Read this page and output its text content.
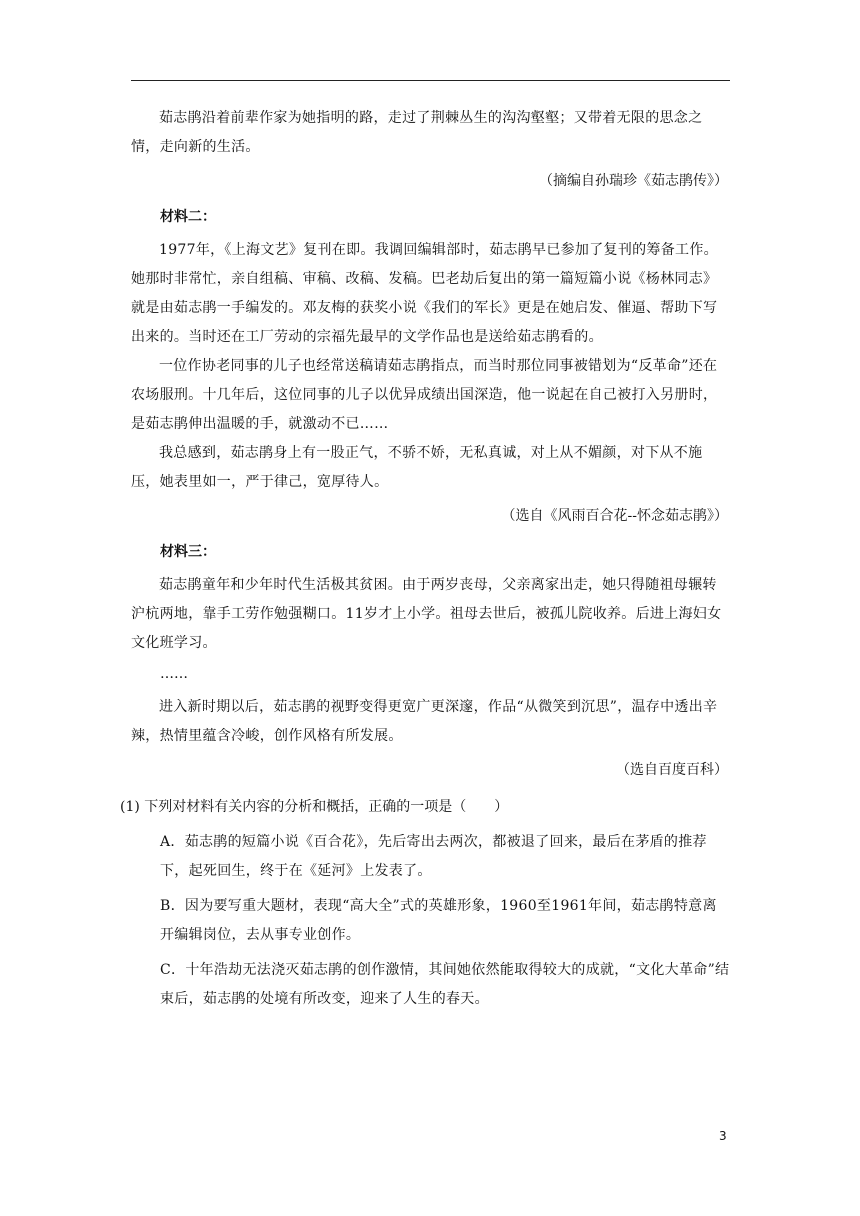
茹志鹃沿着前辈作家为她指明的路，走过了荆棘丛生的沟沟壑壑；又带着无限的思念之情，走向新的生活。

（摘编自孙瑞珍《茹志鹃传》）
材料二：

1977年，《上海文艺》复刊在即。我调回编辑部时，茹志鹃早已参加了复刊的筹备工作。她那时非常忙，亲自组稿、审稿、改稿、发稿。巴老劫后复出的第一篇短篇小说《杨林同志》就是由茹志鹃一手编发的。邓友梅的获奖小说《我们的军长》更是在她启发、催逼、帮助下写出来的。当时还在工厂劳动的宗福先最早的文学作品也是送给茹志鹃看的。

一位作协老同事的儿子也经常送稿请茹志鹃指点，而当时那位同事被错划为“反革命”还在农场服刑。十几年后，这位同事的儿子以优异成绩出国深造，他一说起在自己被打入另册时，是茹志鹃伸出温暖的手，就激动不已……

我总感到，茹志鹃身上有一股正气，不骄不娇，无私真诚，对上从不媚颜，对下从不施压，她表里如一，严于律己，宽厚待人。

（选自《风雨百合花--怀念茹志鹃》）
材料三：

茹志鹃童年和少年时代生活极其贫困。由于两岁丧母，父亲离家出走，她只得随祖母辗转沪杭两地，靠手工劳作勉强糊口。11岁才上小学。祖母去世后，被孤儿院收养。后进上海妇女文化班学习。

……

进入新时期以后，茹志鹃的视野变得更宽广更深邃，作品“从微笑到沉思”，温存中透出辛辣，热情里蕴含冷峻，创作风格有所发展。

（选自百度百科）
(1) 下列对材料有关内容的分析和概括，正确的一项是（　　）
A．茹志鹃的短篇小说《百合花》，先后寄出去两次，都被退了回来，最后在茅盾的推荐下，起死回生，终于在《延河》上发表了。
B．因为要写重大题材，表现“高大全”式的英雄形象，1960至1961年间，茹志鹃特意离开编辑岗位，去从事专业创作。
C．十年浩劫无法浇灭茹志鹃的创作激情，其间她依然能取得较大的成就，“文化大革命”结束后，茹志鹃的处境有所改变，迎来了人生的春天。
3
